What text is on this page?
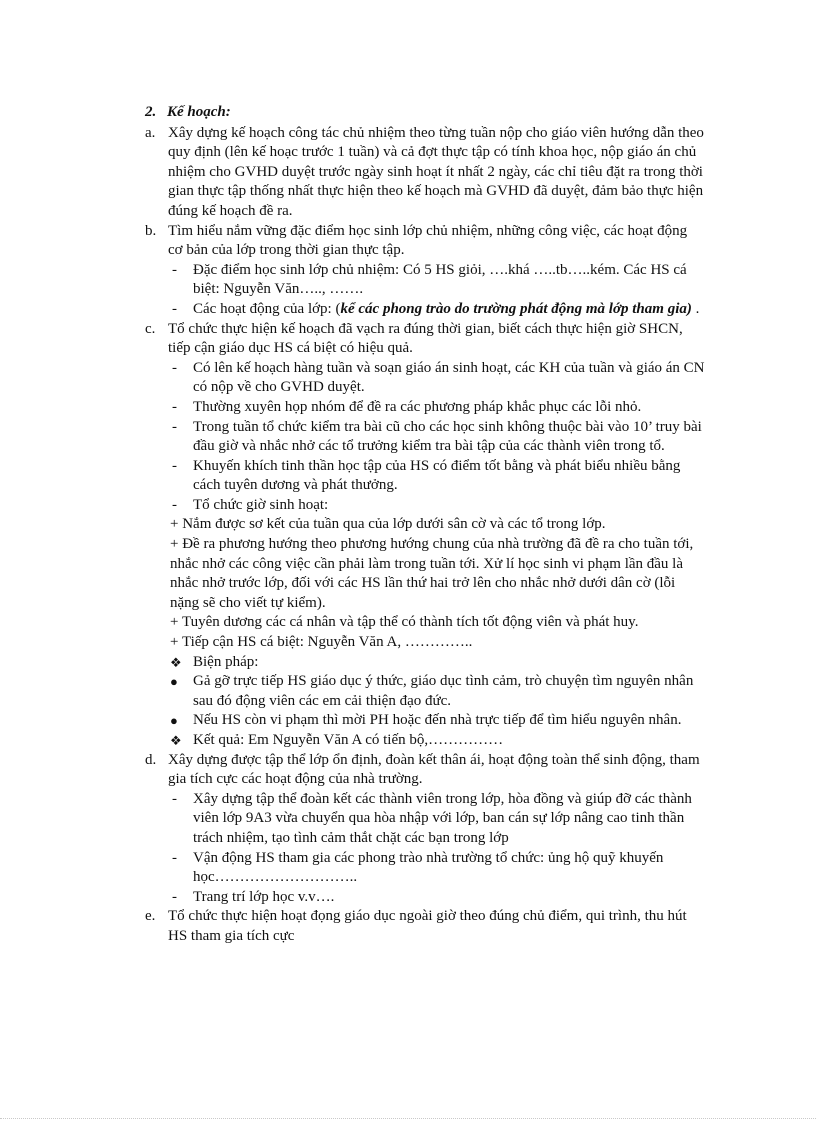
2. Kế hoạch:
a. Xây dựng kế hoạch công tác chủ nhiệm theo từng tuần nộp cho giáo viên hướng dẫn theo quy định (lên kế hoạc trước 1 tuần) và cả đợt thực tập có tính khoa học, nộp giáo án chủ nhiệm cho GVHD duyệt trước ngày sinh hoạt ít nhất 2 ngày, các chỉ tiêu đặt ra trong thời gian thực tập thống nhất thực hiện theo kế hoạch mà GVHD đã duyệt, đảm bảo thực hiện đúng kế hoạch đề ra.
b. Tìm hiểu nắm vững đặc điểm học sinh lớp chủ nhiệm, những công việc, các hoạt động cơ bản của lớp trong thời gian thực tập.
- Đặc điểm học sinh lớp chủ nhiệm: Có 5 HS giỏi, ….khá …..tb…..kém. Các HS cá biệt: Nguyễn Văn….., …….
- Các hoạt động của lớp: (kể các phong trào do trường phát động mà lớp tham gia) .
c. Tổ chức thực hiện kế hoạch đã vạch ra đúng thời gian, biết cách thực hiện giờ SHCN, tiếp cận giáo dục HS cá biệt có hiệu quả.
- Có lên kế hoạch hàng tuần và soạn giáo án sinh hoạt, các KH của tuần và giáo án CN có nộp về cho GVHD duyệt.
- Thường xuyên họp nhóm để đề ra các phương pháp khắc phục các lỗi nhỏ.
- Trong tuần tổ chức kiểm tra bài cũ cho các học sinh không thuộc bài vào 10’ truy bài đầu giờ và nhắc nhở các tổ trưởng kiểm tra bài tập của các thành viên trong tổ.
- Khuyến khích tinh thần học tập của HS có điểm tốt bằng và phát biểu nhiều bằng cách tuyên dương và phát thưởng.
- Tổ chức giờ sinh hoạt:
+ Nắm được sơ kết của tuần qua của lớp dưới sân cờ và các tổ trong lớp.
+ Đề ra phương hướng theo phương hướng chung của nhà trường đã đề ra cho tuần tới, nhắc nhở các công việc cần phải làm trong tuần tới. Xử lí học sinh vi phạm lần đầu là nhắc nhở trước lớp, đối với các HS lần thứ hai trở lên cho nhắc nhở dưới dân cờ (lỗi nặng sẽ cho viết tự kiểm).
+ Tuyên dương các cá nhân và tập thể có thành tích tốt động viên và phát huy.
+ Tiếp cận HS cá biệt: Nguyễn Văn A, …………..
❖ Biện pháp:
● Gả gỡ trực tiếp HS giáo dục ý thức, giáo dục tình cảm, trò chuyện tìm nguyên nhân sau đó động viên các em cải thiện đạo đức.
● Nếu HS còn vi phạm thì mời PH hoặc đến nhà trực tiếp để tìm hiểu nguyên nhân.
❖ Kết quả: Em Nguyễn Văn A có tiến bộ,……………
d. Xây dựng được tập thể lớp ổn định, đoàn kết thân ái, hoạt động toàn thể sinh động, tham gia tích cực các hoạt động của nhà trường.
- Xây dựng tập thể đoàn kết các thành viên trong lớp, hòa đồng và giúp đỡ các thành viên lớp 9A3 vừa chuyển qua hòa nhập với lớp, ban cán sự lớp nâng cao tinh thần trách nhiệm, tạo tình cảm thắt chặt các bạn trong lớp
- Vận động HS tham gia các phong trào nhà trường tổ chức: ủng hộ quỹ khuyến học………………………..
- Trang trí lớp học v.v….
e. Tổ chức thực hiện hoạt đọng giáo dục ngoài giờ theo đúng chủ điểm, qui trình, thu hút HS tham gia tích cực
